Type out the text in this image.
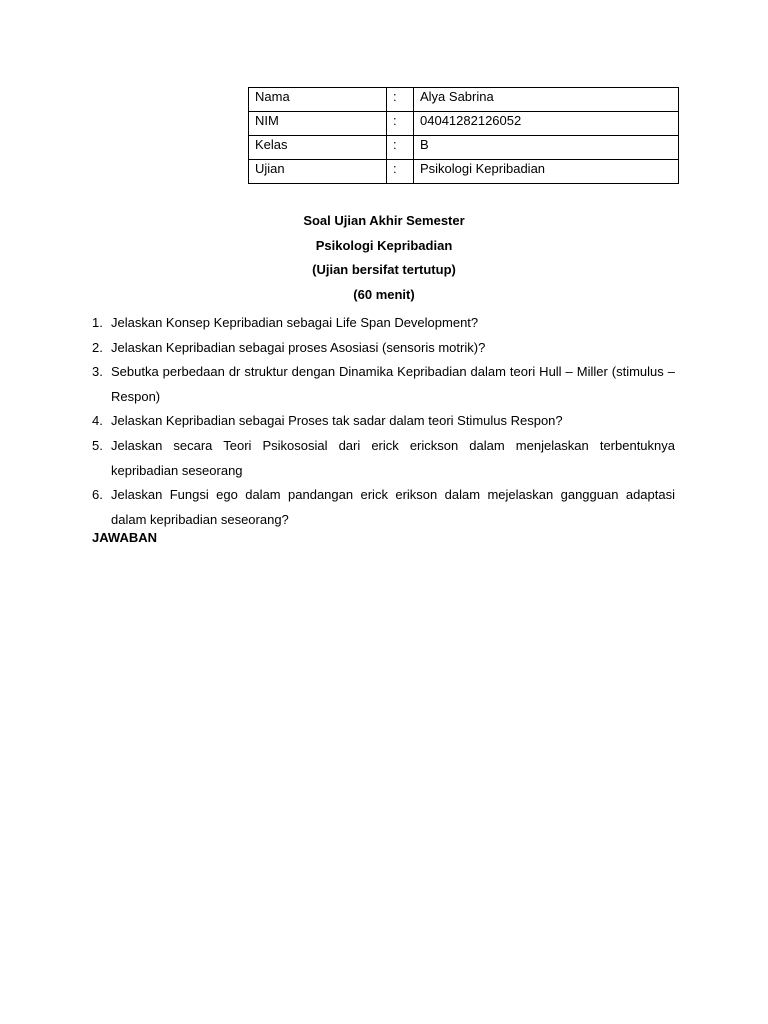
Nama	:	Alya Sabrina
NIM	:	04041282126052
Kelas	:	B
Ujian	:	Psikologi Kepribadian
Soal Ujian Akhir Semester
Psikologi Kepribadian
(Ujian bersifat tertutup)
(60 menit)
1. Jelaskan Konsep Kepribadian sebagai Life Span Development?
2. Jelaskan Kepribadian sebagai proses Asosiasi (sensoris motrik)?
3. Sebutka perbedaan dr struktur dengan Dinamika Kepribadian dalam teori Hull – Miller (stimulus – Respon)
4. Jelaskan Kepribadian sebagai Proses tak sadar dalam teori Stimulus Respon?
5. Jelaskan secara Teori Psikososial dari erick erickson dalam menjelaskan terbentuknya kepribadian seseorang
6. Jelaskan Fungsi ego dalam pandangan erick erikson dalam mejelaskan gangguan adaptasi dalam kepribadian seseorang?
JAWABAN
